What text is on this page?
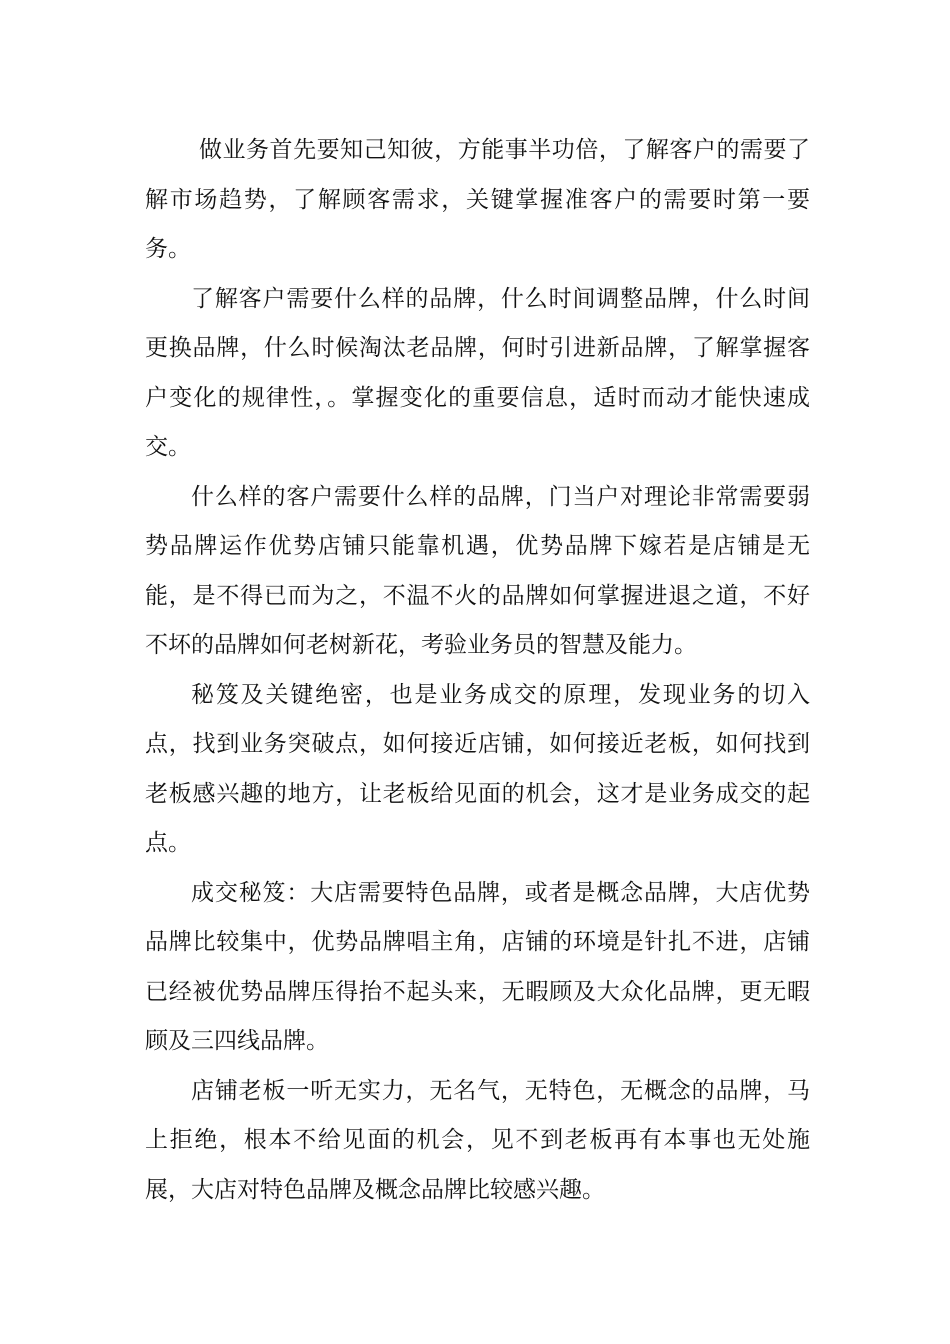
做业务首先要知己知彼，方能事半功倍，了解客户的需要了解市场趋势，了解顾客需求，关键掌握准客户的需要时第一要务。

了解客户需要什么样的品牌，什么时间调整品牌，什么时间更换品牌，什么时候淘汰老品牌，何时引进新品牌，了解掌握客户变化的规律性，。掌握变化的重要信息，适时而动才能快速成交。

什么样的客户需要什么样的品牌，门当户对理论非常需要弱势品牌运作优势店铺只能靠机遇，优势品牌下嫁若是店铺是无能，是不得已而为之，不温不火的品牌如何掌握进退之道，不好不坏的品牌如何老树新花，考验业务员的智慧及能力。

秘笈及关键绝密，也是业务成交的原理，发现业务的切入点，找到业务突破点，如何接近店铺，如何接近老板，如何找到老板感兴趣的地方，让老板给见面的机会，这才是业务成交的起点。

成交秘笈：大店需要特色品牌，或者是概念品牌，大店优势品牌比较集中，优势品牌唱主角，店铺的环境是针扎不进，店铺已经被优势品牌压得抬不起头来，无暇顾及大众化品牌，更无暇顾及三四线品牌。

店铺老板一听无实力，无名气，无特色，无概念的品牌，马上拒绝，根本不给见面的机会，见不到老板再有本事也无处施展，大店对特色品牌及概念品牌比较感兴趣。
